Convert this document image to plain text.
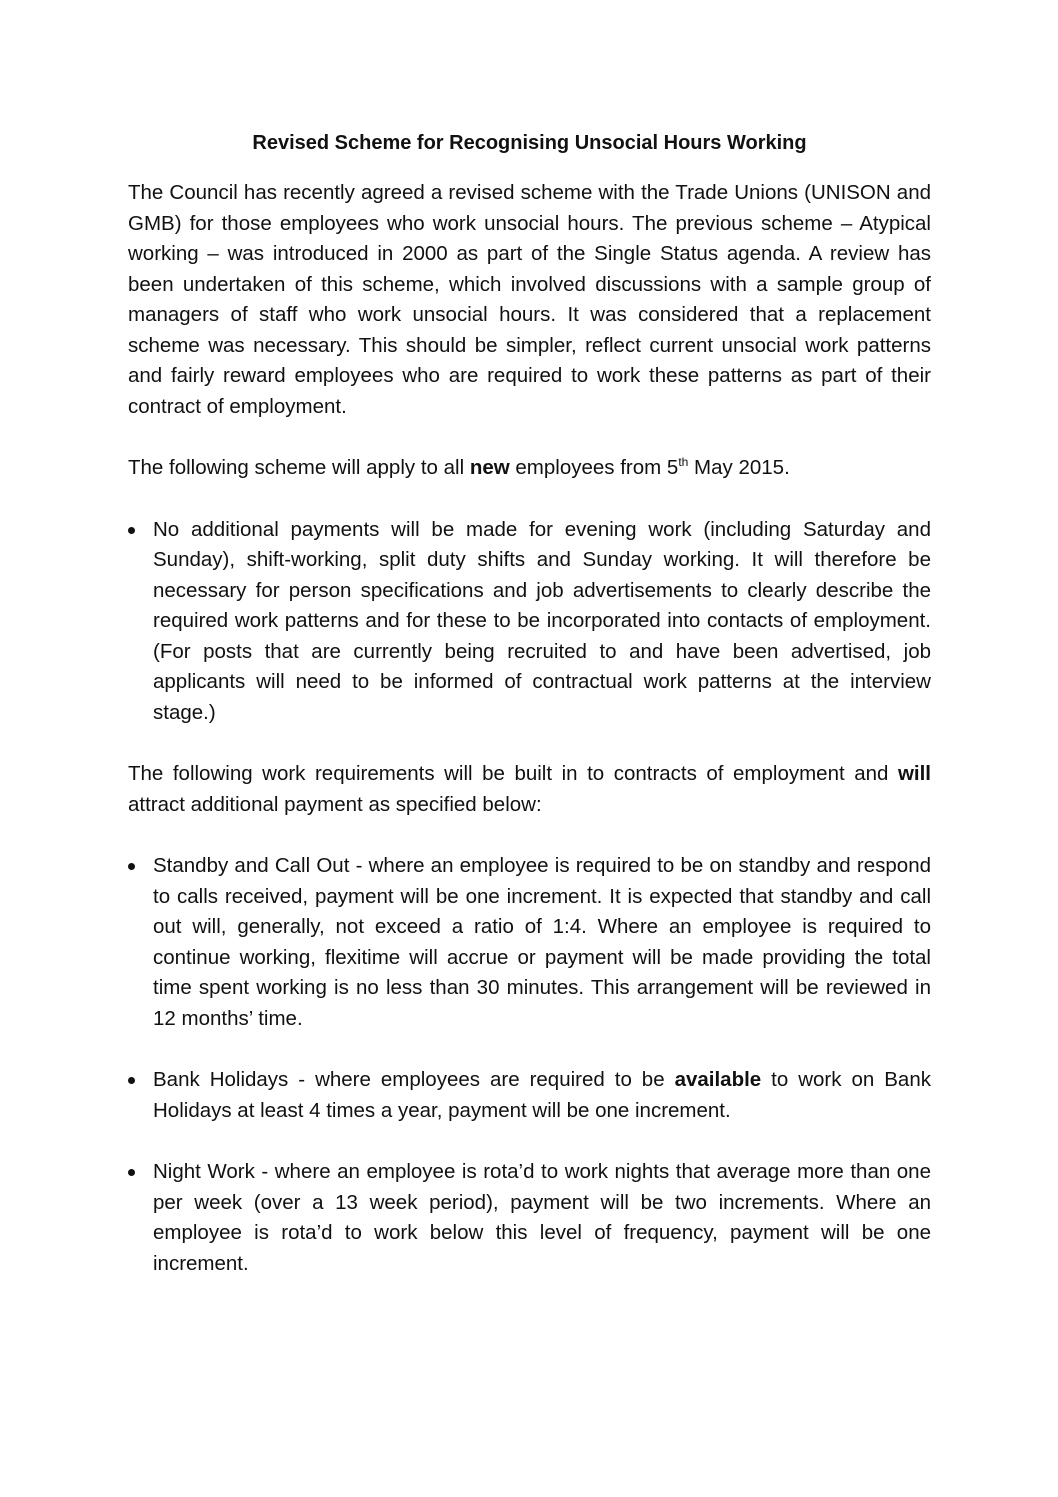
Revised Scheme for Recognising Unsocial Hours Working

The Council has recently agreed a revised scheme with the Trade Unions (UNISON and GMB) for those employees who work unsocial hours. The previous scheme – Atypical working – was introduced in 2000 as part of the Single Status agenda. A review has been undertaken of this scheme, which involved discussions with a sample group of managers of staff who work unsocial hours. It was considered that a replacement scheme was necessary. This should be simpler, reflect current unsocial work patterns and fairly reward employees who are required to work these patterns as part of their contract of employment.

The following scheme will apply to all new employees from 5th May 2015.

No additional payments will be made for evening work (including Saturday and Sunday), shift-working, split duty shifts and Sunday working. It will therefore be necessary for person specifications and job advertisements to clearly describe the required work patterns and for these to be incorporated into contacts of employment. (For posts that are currently being recruited to and have been advertised, job applicants will need to be informed of contractual work patterns at the interview stage.)

The following work requirements will be built in to contracts of employment and will attract additional payment as specified below:

Standby and Call Out - where an employee is required to be on standby and respond to calls received, payment will be one increment. It is expected that standby and call out will, generally, not exceed a ratio of 1:4. Where an employee is required to continue working, flexitime will accrue or payment will be made providing the total time spent working is no less than 30 minutes. This arrangement will be reviewed in 12 months’ time.
Bank Holidays - where employees are required to be available to work on Bank Holidays at least 4 times a year, payment will be one increment.
Night Work - where an employee is rota’d to work nights that average more than one per week (over a 13 week period), payment will be two increments. Where an employee is rota’d to work below this level of frequency, payment will be one increment.
